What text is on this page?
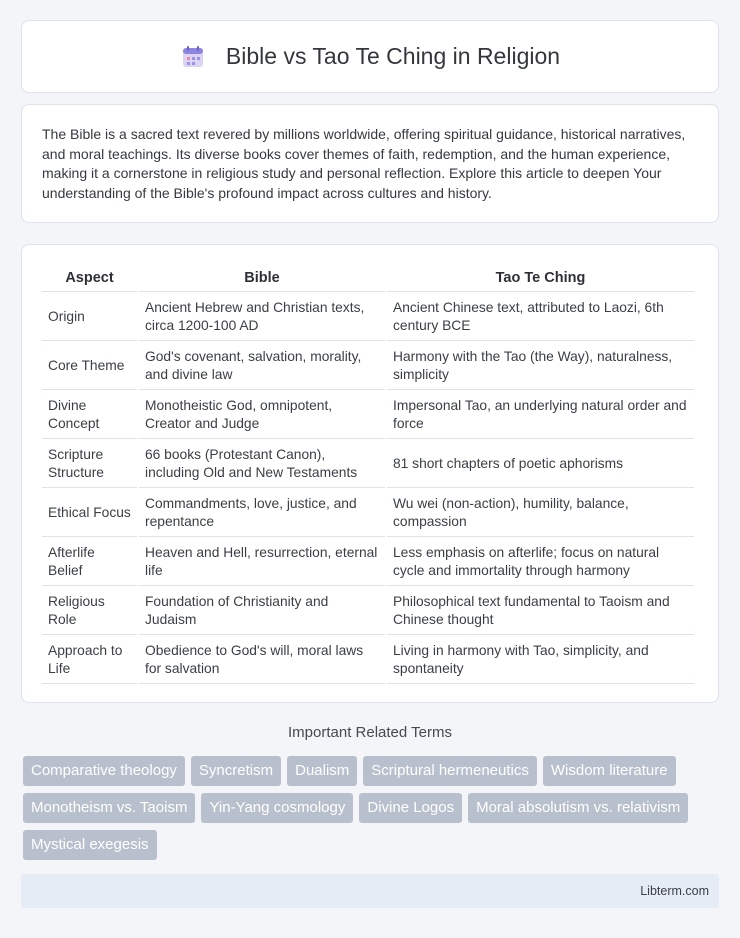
Bible vs Tao Te Ching in Religion

The Bible is a sacred text revered by millions worldwide, offering spiritual guidance, historical narratives, and moral teachings. Its diverse books cover themes of faith, redemption, and the human experience, making it a cornerstone in religious study and personal reflection. Explore this article to deepen Your understanding of the Bible's profound impact across cultures and history.

Aspect	Bible	Tao Te Ching
Origin	Ancient Hebrew and Christian texts, circa 1200-100 AD	Ancient Chinese text, attributed to Laozi, 6th century BCE
Core Theme	God's covenant, salvation, morality, and divine law	Harmony with the Tao (the Way), naturalness, simplicity
Divine Concept	Monotheistic God, omnipotent, Creator and Judge	Impersonal Tao, an underlying natural order and force
Scripture Structure	66 books (Protestant Canon), including Old and New Testaments	81 short chapters of poetic aphorisms
Ethical Focus	Commandments, love, justice, and repentance	Wu wei (non-action), humility, balance, compassion
Afterlife Belief	Heaven and Hell, resurrection, eternal life	Less emphasis on afterlife; focus on natural cycle and immortality through harmony
Religious Role	Foundation of Christianity and Judaism	Philosophical text fundamental to Taoism and Chinese thought
Approach to Life	Obedience to God's will, moral laws for salvation	Living in harmony with Tao, simplicity, and spontaneity
Important Related Terms
Comparative theology	Syncretism	Dualism	Scriptural hermeneutics	Wisdom literature
Monotheism vs. Taoism	Yin-Yang cosmology	Divine Logos	Moral absolutism vs. relativism
Mystical exegesis
Libterm.com
